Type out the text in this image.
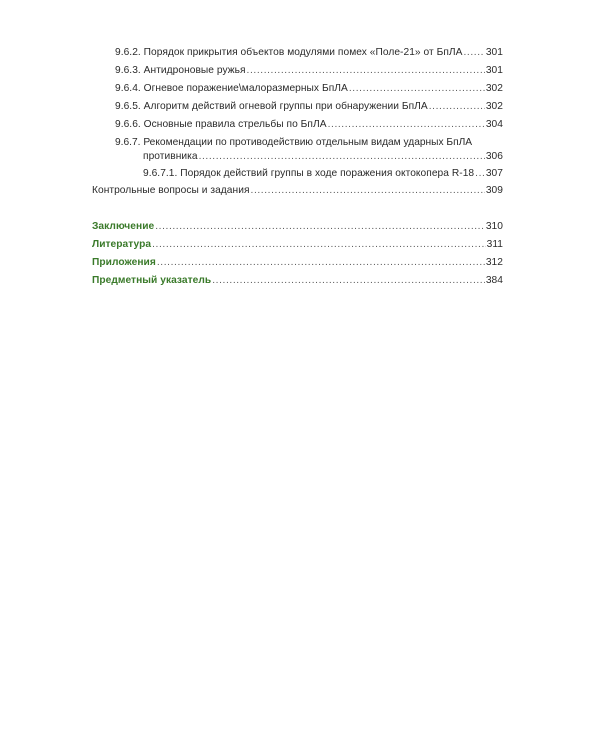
9.6.2. Порядок прикрытия объектов модулями помех «Поле-21» от БпЛА ..... 301
9.6.3. Антидроновые ружья .....	301
9.6.4. Огневое поражение\малоразмерных БпЛА .....	302
9.6.5. Алгоритм действий огневой группы при обнаружении БпЛА .....	302
9.6.6. Основные правила стрельбы по БпЛА .....	304
9.6.7. Рекомендации по противодействию отдельным видам ударных БпЛА
противника .....	306
9.6.7.1. Порядок действий группы в ходе поражения октокопера R-18 ..... 307
Контрольные вопросы и задания .....	309
Заключение .....	310
Литература .....	311
Приложения .....	312
Предметный указатель .....	384
